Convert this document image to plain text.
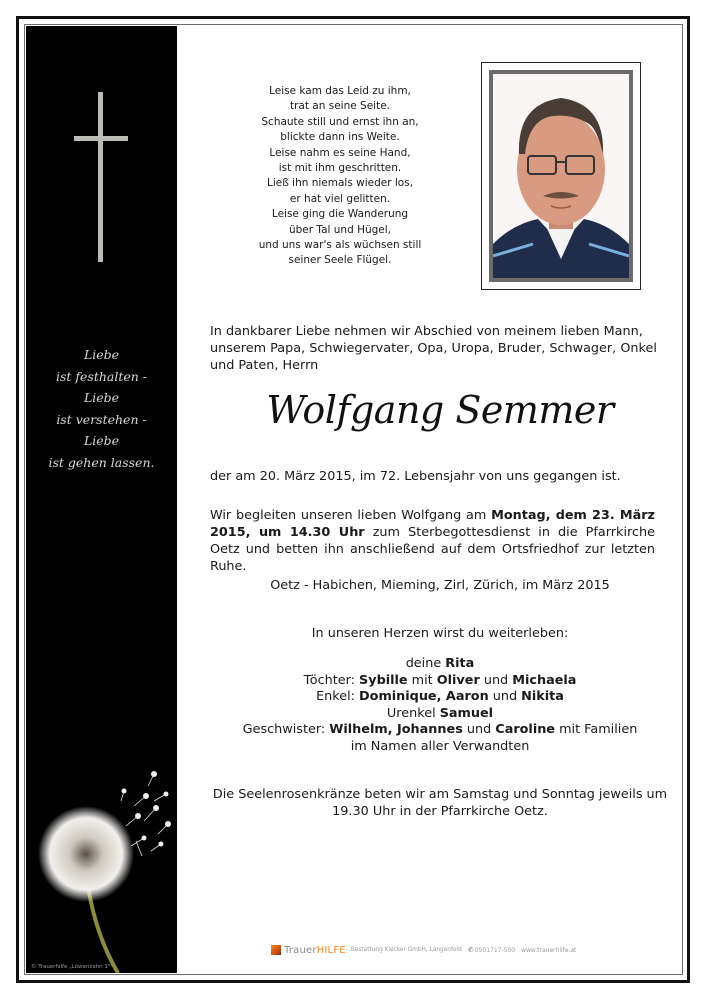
Liebe
ist festhalten -
Liebe
ist verstehen -
Liebe
ist gehen lassen.
© Trauerhilfe „Löwenzahn 1"
Leise kam das Leid zu ihm,
trat an seine Seite.
Schaute still und ernst ihn an,
blickte dann ins Weite.
Leise nahm es seine Hand,
ist mit ihm geschritten.
Ließ ihn niemals wieder los,
er hat viel gelitten.
Leise ging die Wanderung
über Tal und Hügel,
und uns war's als wüchsen still
seiner Seele Flügel.
In dankbarer Liebe nehmen wir Abschied von meinem lieben Mann, unserem Papa, Schwiegervater, Opa, Uropa, Bruder, Schwager, Onkel und Paten, Herrn
Wolfgang Semmer
der am 20. März 2015, im 72. Lebensjahr von uns gegangen ist.
Wir begleiten unseren lieben Wolfgang am Montag, dem 23. März 2015, um 14.30 Uhr zum Sterbegottesdienst in die Pfarrkirche Oetz und betten ihn anschließend auf dem Ortsfriedhof zur letzten Ruhe.
Oetz - Habichen, Mieming, Zirl, Zürich, im März 2015
In unseren Herzen wirst du weiterleben:
deine Rita
Töchter: Sybille mit Oliver und Michaela
Enkel: Dominique, Aaron und Nikita
Urenkel Samuel
Geschwister: Wilhelm, Johannes und Caroline mit Familien
im Namen aller Verwandten
Die Seelenrosenkränze beten wir am Samstag und Sonntag jeweils um 19.30 Uhr in der Pfarrkirche Oetz.
Trauer HILFE Bestattung Kiecker GmbH, Längenfeld ✆ 0501717-500 www.trauerhilfe.at
